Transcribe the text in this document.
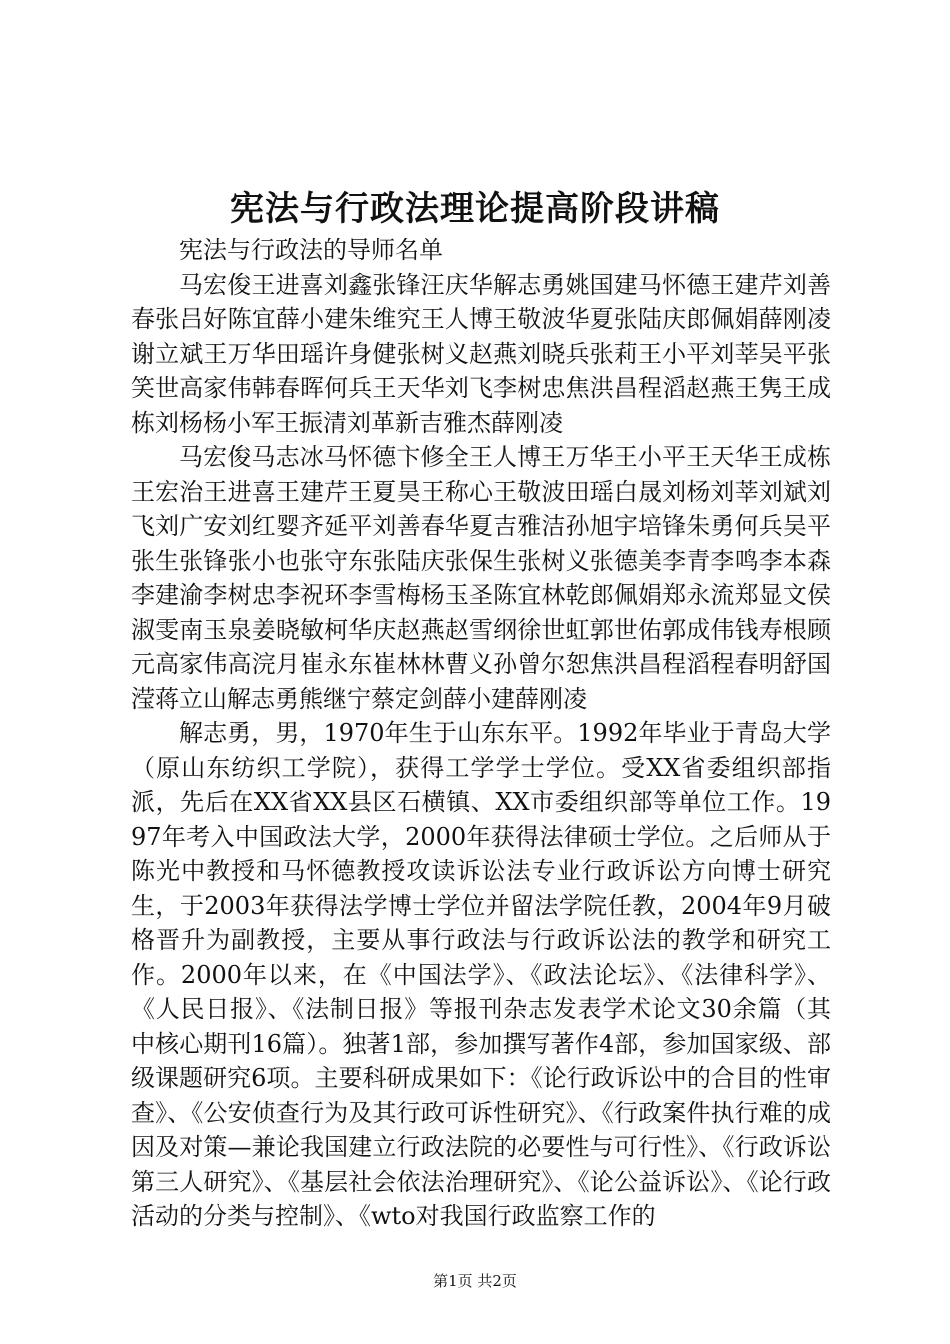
宪法与行政法理论提高阶段讲稿

宪法与行政法的导师名单

马宏俊王进喜刘鑫张锋汪庆华解志勇姚国建马怀德王建芹刘善春张吕好陈宜薛小建朱维究王人博王敬波华夏张陆庆郎佩娟薛刚凌谢立斌王万华田瑶许身健张树义赵燕刘晓兵张莉王小平刘莘吴平张笑世高家伟韩春晖何兵王天华刘飞李树忠焦洪昌程滔赵燕王隽王成栋刘杨杨小军王振清刘革新吉雅杰薛刚凌

马宏俊马志冰马怀德卞修全王人博王万华王小平王天华王成栋王宏治王进喜王建芹王夏昊王称心王敬波田瑶白晟刘杨刘莘刘斌刘飞刘广安刘红婴齐延平刘善春华夏吉雅洁孙旭宇培锋朱勇何兵吴平张生张锋张小也张守东张陆庆张保生张树义张德美李青李鸣李本森李建渝李树忠李祝环李雪梅杨玉圣陈宜林乾郎佩娟郑永流郑显文侯淑雯南玉泉姜晓敏柯华庆赵燕赵雪纲徐世虹郭世佑郭成伟钱寿根顾元高家伟高浣月崔永东崔林林曹义孙曾尔恕焦洪昌程滔程春明舒国滢蒋立山解志勇熊继宁蔡定剑薛小建薛刚凌

解志勇，男，1970年生于山东东平。1992年毕业于青岛大学（原山东纺织工学院），获得工学学士学位。受XX省委组织部指派，先后在XX省XX县区石横镇、XX市委组织部等单位工作。1997年考入中国政法大学，2000年获得法律硕士学位。之后师从于陈光中教授和马怀德教授攻读诉讼法专业行政诉讼方向博士研究生，于2003年获得法学博士学位并留法学院任教，2004年9月破格晋升为副教授，主要从事行政法与行政诉讼法的教学和研究工作。2000年以来，在《中国法学》、《政法论坛》、《法律科学》、《人民日报》、《法制日报》等报刊杂志发表学术论文30余篇（其中核心期刊16篇）。独著1部，参加撰写著作4部，参加国家级、部级课题研究6项。主要科研成果如下：《论行政诉讼中的合目的性审查》、《公安侦查行为及其行政可诉性研究》、《行政案件执行难的成因及对策—兼论我国建立行政法院的必要性与可行性》、《行政诉讼第三人研究》、《基层社会依法治理研究》、《论公益诉讼》、《论行政活动的分类与控制》、《wto对我国行政监察工作的

第1页 共2页
